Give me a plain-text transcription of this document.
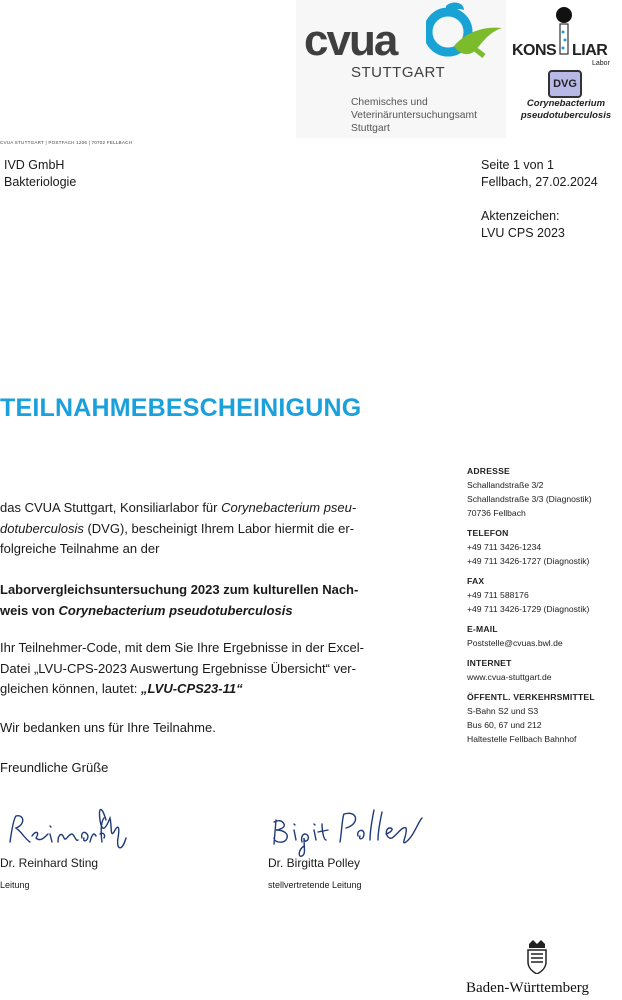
cvua
STUTTGART
Chemisches und
Veterinäruntersuchungsamt
Stuttgart
KONS LIAR
Labor
DVG
Corynebacterium
pseudotuberculosis
CVUA STUTTGART | POSTFACH 1206 | 70702 FELLBACH
IVD GmbH
Bakteriologie
Seite 1 von 1
Fellbach, 27.02.2024
Aktenzeichen:
LVU CPS 2023
TEILNAHMEBESCHEINIGUNG
das CVUA Stuttgart, Konsiliarlabor für Corynebacterium pseu-
dotuberculosis (DVG), bescheinigt Ihrem Labor hiermit die er-
folgreiche Teilnahme an der
Laborvergleichsuntersuchung 2023 zum kulturellen Nach-
weis von Corynebacterium pseudotuberculosis
Ihr Teilnehmer-Code, mit dem Sie Ihre Ergebnisse in der Excel-
Datei „LVU-CPS-2023 Auswertung Ergebnisse Übersicht“ ver-
gleichen können, lautet: „LVU-CPS23-11“
Wir bedanken uns für Ihre Teilnahme.
Freundliche Grüße
Dr. Reinhard Sting
Leitung
Dr. Birgitta Polley
stellvertretende Leitung
ADRESSE
Schallandstraße 3/2
Schallandstraße 3/3 (Diagnostik)
70736 Fellbach
TELEFON
+49 711 3426-1234
+49 711 3426-1727 (Diagnostik)
FAX
+49 711 588176
+49 711 3426-1729 (Diagnostik)
E-MAIL
Poststelle@cvuas.bwl.de
INTERNET
www.cvua-stuttgart.de
ÖFFENTL. VERKEHRSMITTEL
S-Bahn S2 und S3
Bus 60, 67 und 212
Haltestelle Fellbach Bahnhof
Baden-Württemberg
